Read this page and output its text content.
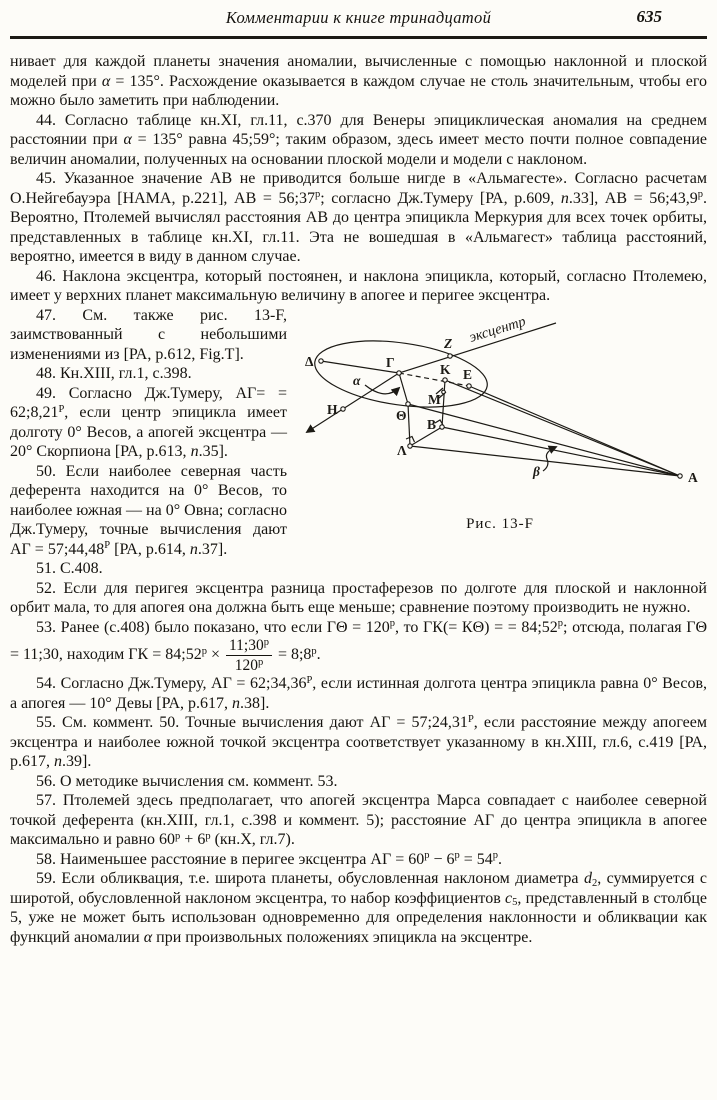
Комментарии к книге тринадцатой	635

нивает для каждой планеты значения аномалии, вычисленные с помощью наклонной и плоской моделей при α = 135°. Расхождение оказывается в каждом случае не столь значительным, чтобы его можно было заметить при наблюдении.

44. Согласно таблице кн.XI, гл.11, с.370 для Венеры эпициклическая аномалия на среднем расстоянии при α = 135° равна 45;59°; таким образом, здесь имеет место почти полное совпадение величин аномалии, полученных на основании плоской модели и модели с наклоном.

45. Указанное значение АВ не приводится больше нигде в «Альмагесте». Согласно расчетам О.Нейгебауэра [НАМА, p.221], АВ = $56;37^р$; согласно Дж.Тумеру [РА, p.609, n.33], АВ = $56;43,9^р$. Вероятно, Птолемей вычислял расстояния АВ до центра эпицикла Меркурия для всех точек орбиты, представленных в таблице кн.XI, гл.11. Эта не вошедшая в «Альмагест» таблица расстояний, вероятно, имеется в виду в данном случае.

46. Наклона эксцентра, который постоянен, и наклона эпицикла, который, согласно Птолемею, имеет у верхних планет максимальную величину в апогее и перигее эксцентра.

эксцентр
Δ
Z
Γ	K E
H
M
Θ
B
Λ
A
α
β
Рис. 13-F

47. См. также рис. 13-F, заимствованный с небольшими изменениями из [РА, p.612, Fig.T].

48. Кн.XIII, гл.1, с.398.

49. Согласно Дж.Тумеру, $АГ= = 62;8,21^Р$, если центр эпицикла имеет долготу 0° Весов, а апогей эксцентра — 20° Скорпиона [РА, p.613, n.35].

50. Если наиболее северная часть деферента находится на 0° Весов, то наиболее южная — на 0° Овна; согласно Дж.Тумеру, точные вычисления дают АГ = $57;44,48^Р$ [РА, p.614, n.37].

51. С.408.

52. Если для перигея эксцентра разница простаферезов по долготе для плоской и наклонной орбит мала, то для апогея она должна быть еще меньше; сравнение поэтому производить не нужно.

53. Ранее (с.408) было показано, что если $Г\Theta = 120^р$, то ГК(= КΘ) = = $84;52^р$; отсюда, полагая ГΘ = 11;30, находим ГК = $84;52^р \times \frac{11;30^р}{120^р}$ = $8;8^р$.

54. Согласно Дж.Тумеру, АГ = $62;34,36^Р$, если истинная долгота центра эпицикла равна 0° Весов, а апогея — 10° Девы [РА, p.617, n.38].

55. См. коммент. 50. Точные вычисления дают АГ = $57;24,31^Р$, если расстояние между апогеем эксцентра и наиболее южной точкой эксцентра соответствует указанному в кн.XIII, гл.6, с.419 [РА, p.617, n.39].

56. О методике вычисления см. коммент. 53.

57. Птолемей здесь предполагает, что апогей эксцентра Марса совпадает с наиболее северной точкой деферента (кн.XIII, гл.1, с.398 и коммент. 5); расстояние АГ до центра эпицикла в апогее максимально и равно $60^р + 6^р$ (кн.X, гл.7).

58. Наименьшее расстояние в перигее эксцентра АГ = $60^р - 6^р = 54^р$.

59. Если обликвация, т.е. широта планеты, обусловленная наклоном диаметра $d_2$, суммируется с широтой, обусловленной наклоном эксцентра, то набор коэффициентов $c_5$, представленный в столбце 5, уже не может быть использован одновременно для определения наклонности и обликвации как функций аномалии α при произвольных положениях эпицикла на эксцентре.
